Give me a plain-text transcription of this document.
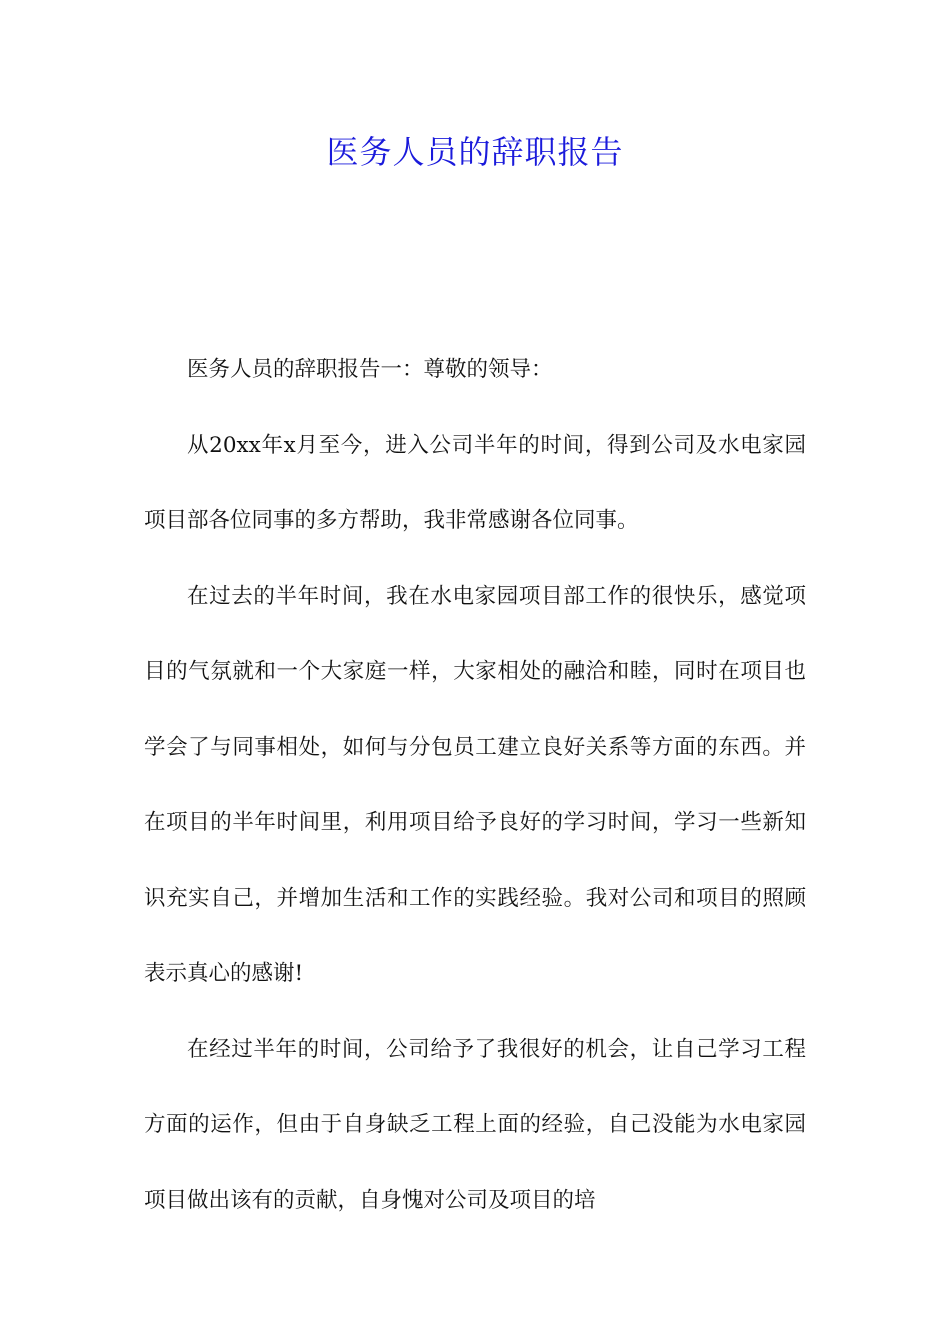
医务人员的辞职报告

医务人员的辞职报告一：尊敬的领导：

从20xx年x月至今，进入公司半年的时间，得到公司及水电家园项目部各位同事的多方帮助，我非常感谢各位同事。

在过去的半年时间，我在水电家园项目部工作的很快乐，感觉项目的气氛就和一个大家庭一样，大家相处的融洽和睦，同时在项目也学会了与同事相处，如何与分包员工建立良好关系等方面的东西。并在项目的半年时间里，利用项目给予良好的学习时间，学习一些新知识充实自己，并增加生活和工作的实践经验。我对公司和项目的照顾表示真心的感谢!

在经过半年的时间，公司给予了我很好的机会，让自己学习工程方面的运作，但由于自身缺乏工程上面的经验，自己没能为水电家园项目做出该有的贡献，自身愧对公司及项目的培
